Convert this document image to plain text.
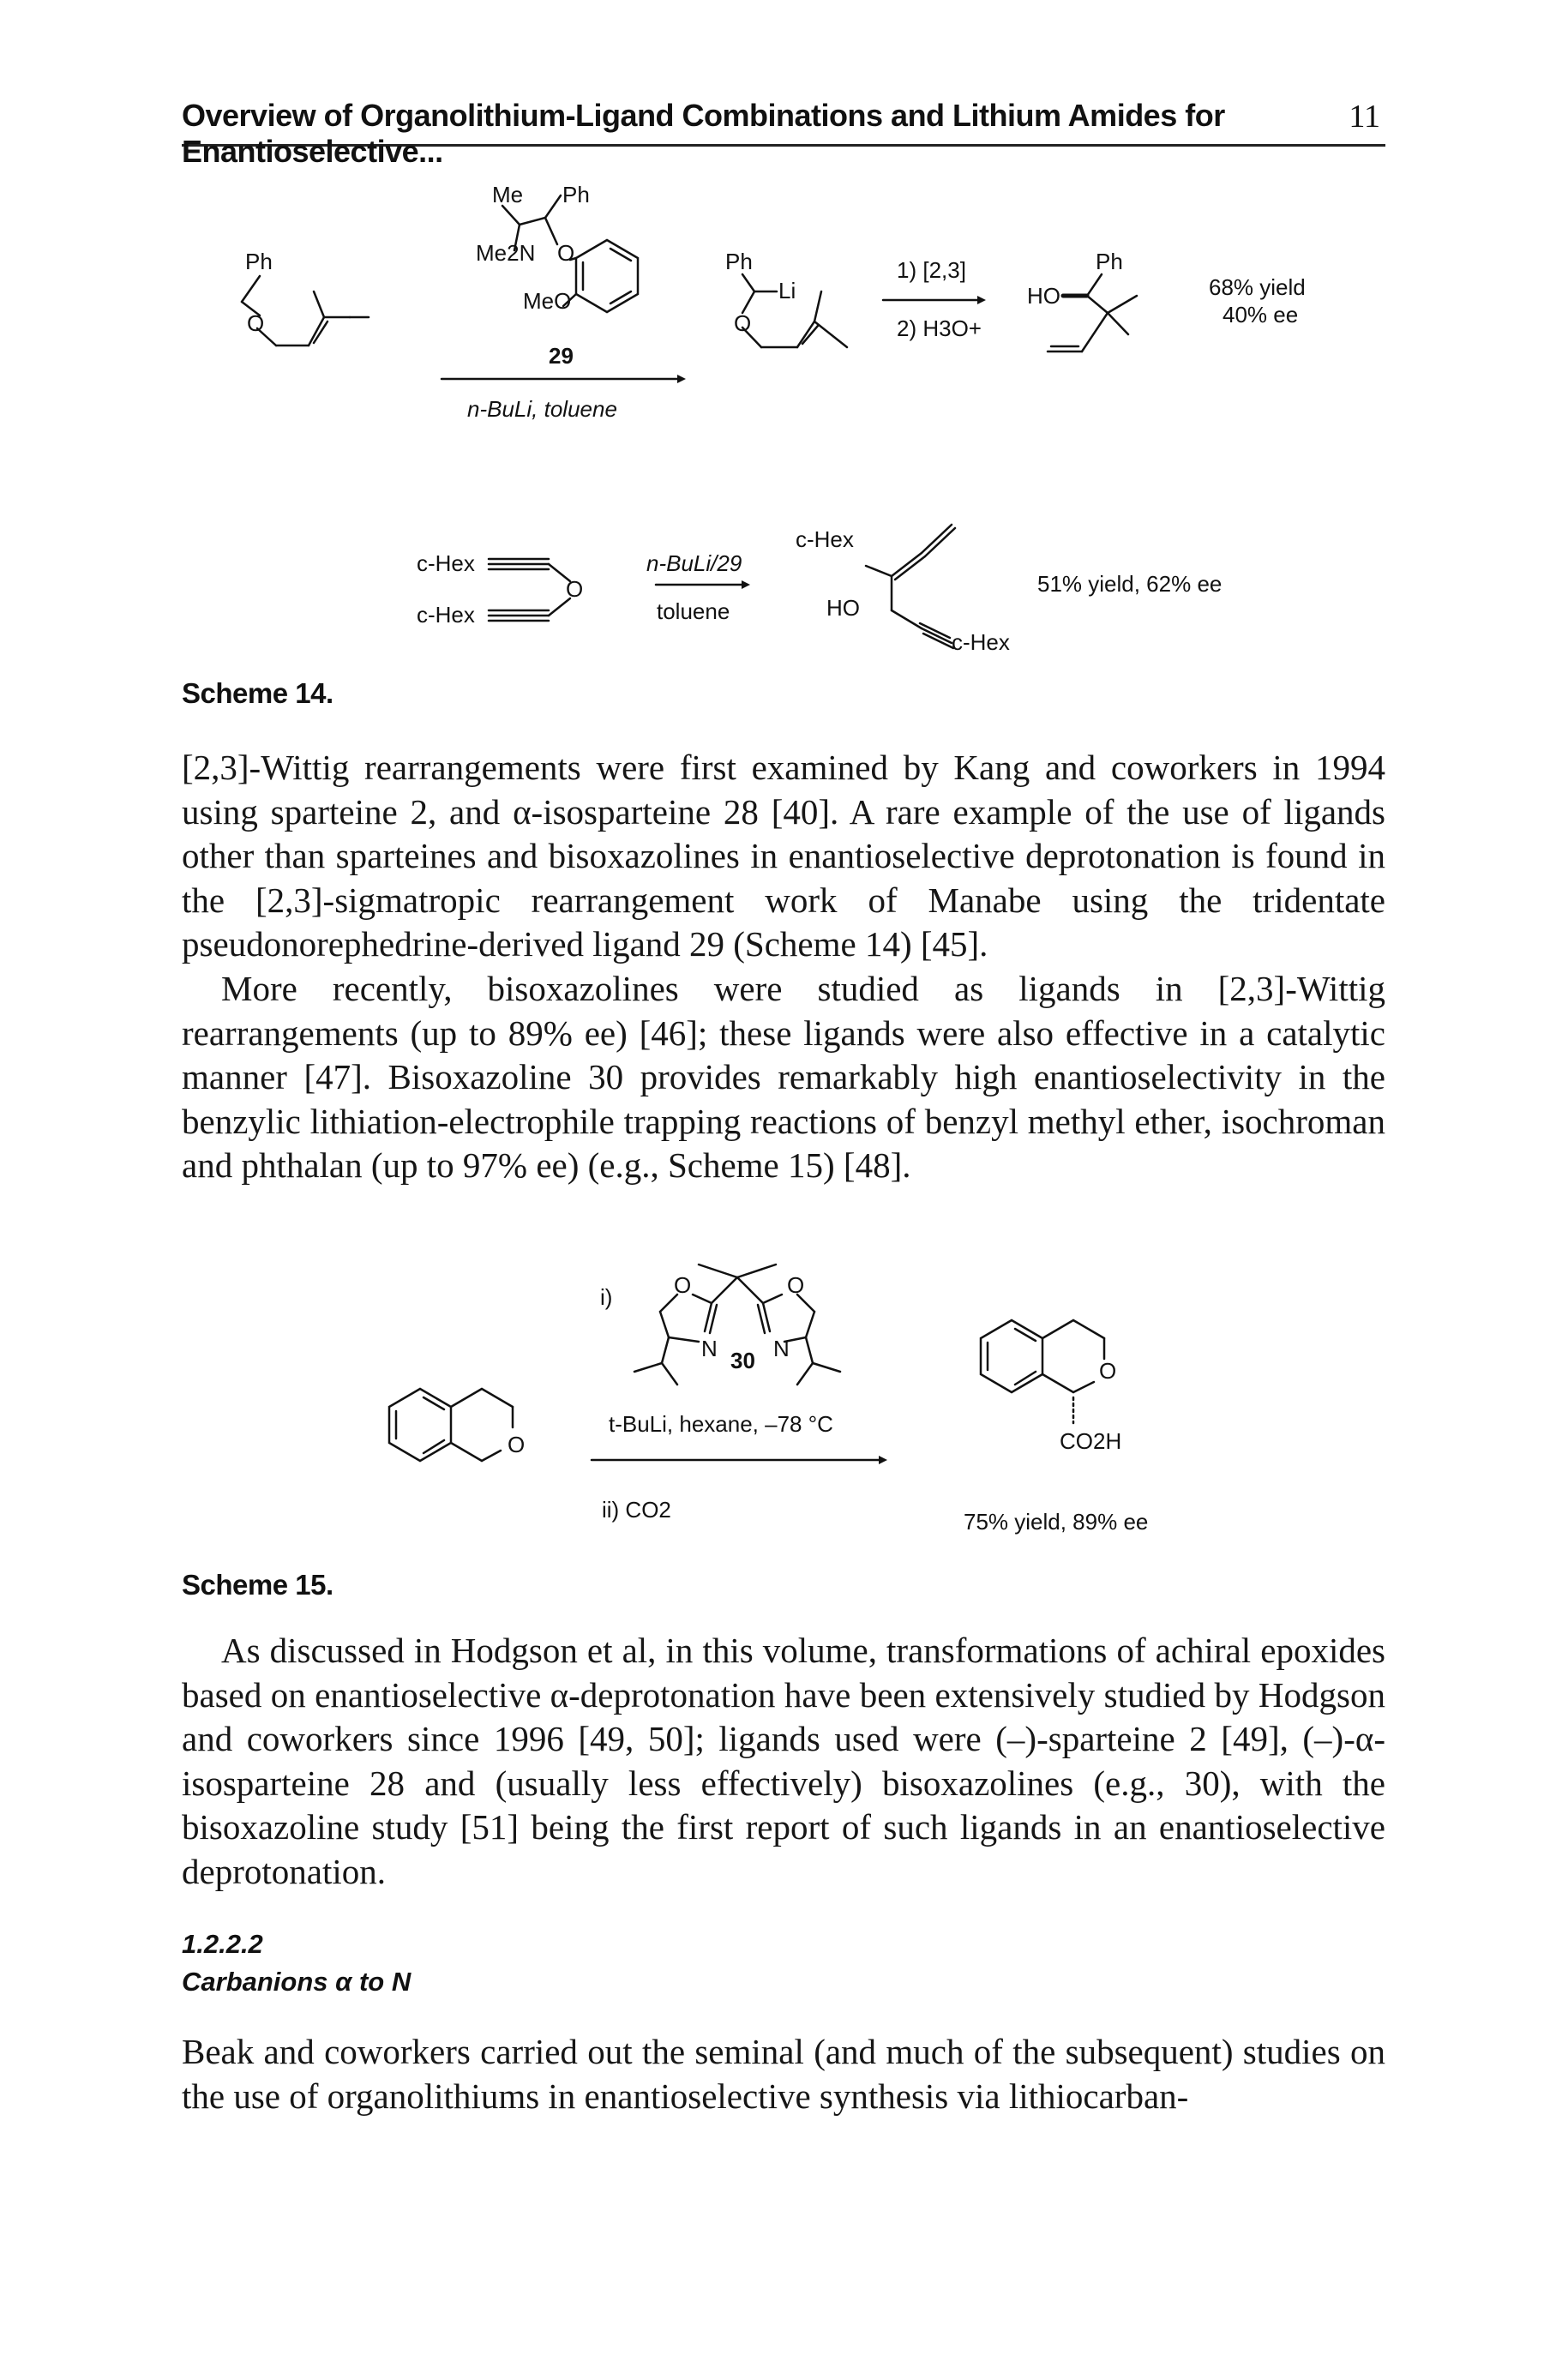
Overview of Organolithium-Ligand Combinations and Lithium Amides for Enantioselective...
11
Me Ph
Me2N O
MeO
29
n-BuLi, toluene
Ph
O
Ph
Li
O
1) [2,3]
2) H3O+
HO
Ph
68% yield
40% ee
c-Hex
c-Hex
O
n-BuLi/29
toluene
c-Hex
HO
c-Hex
51% yield, 62% ee
Scheme 14.

[2,3]-Wittig rearrangements were first examined by Kang and coworkers in 1994 using sparteine 2, and α-isosparteine 28 [40]. A rare example of the use of ligands other than sparteines and bisoxazolines in enantioselective deprotonation is found in the [2,3]-sigmatropic rearrangement work of Manabe using the tridentate pseudonorephedrine-derived ligand 29 (Scheme 14) [45].

More recently, bisoxazolines were studied as ligands in [2,3]-Wittig rearrangements (up to 89% ee) [46]; these ligands were also effective in a catalytic manner [47]. Bisoxazoline 30 provides remarkably high enantioselectivity in the benzylic lithiation-electrophile trapping reactions of benzyl methyl ether, isochroman and phthalan (up to 97% ee) (e.g., Scheme 15) [48].

i)	O	O
N	N
30
t-BuLi, hexane, –78 °C
ii) CO2
O
O
CO2H
75% yield, 89% ee
Scheme 15.

As discussed in Hodgson et al, in this volume, transformations of achiral epoxides based on enantioselective α-deprotonation have been extensively studied by Hodgson and coworkers since 1996 [49, 50]; ligands used were (–)-sparteine 2 [49], (–)-α-isosparteine 28 and (usually less effectively) bisoxazolines (e.g., 30), with the bisoxazoline study [51] being the first report of such ligands in an enantioselective deprotonation.

1.2.2.2
Carbanions α to N

Beak and coworkers carried out the seminal (and much of the subsequent) studies on the use of organolithiums in enantioselective synthesis via lithiocarban-
